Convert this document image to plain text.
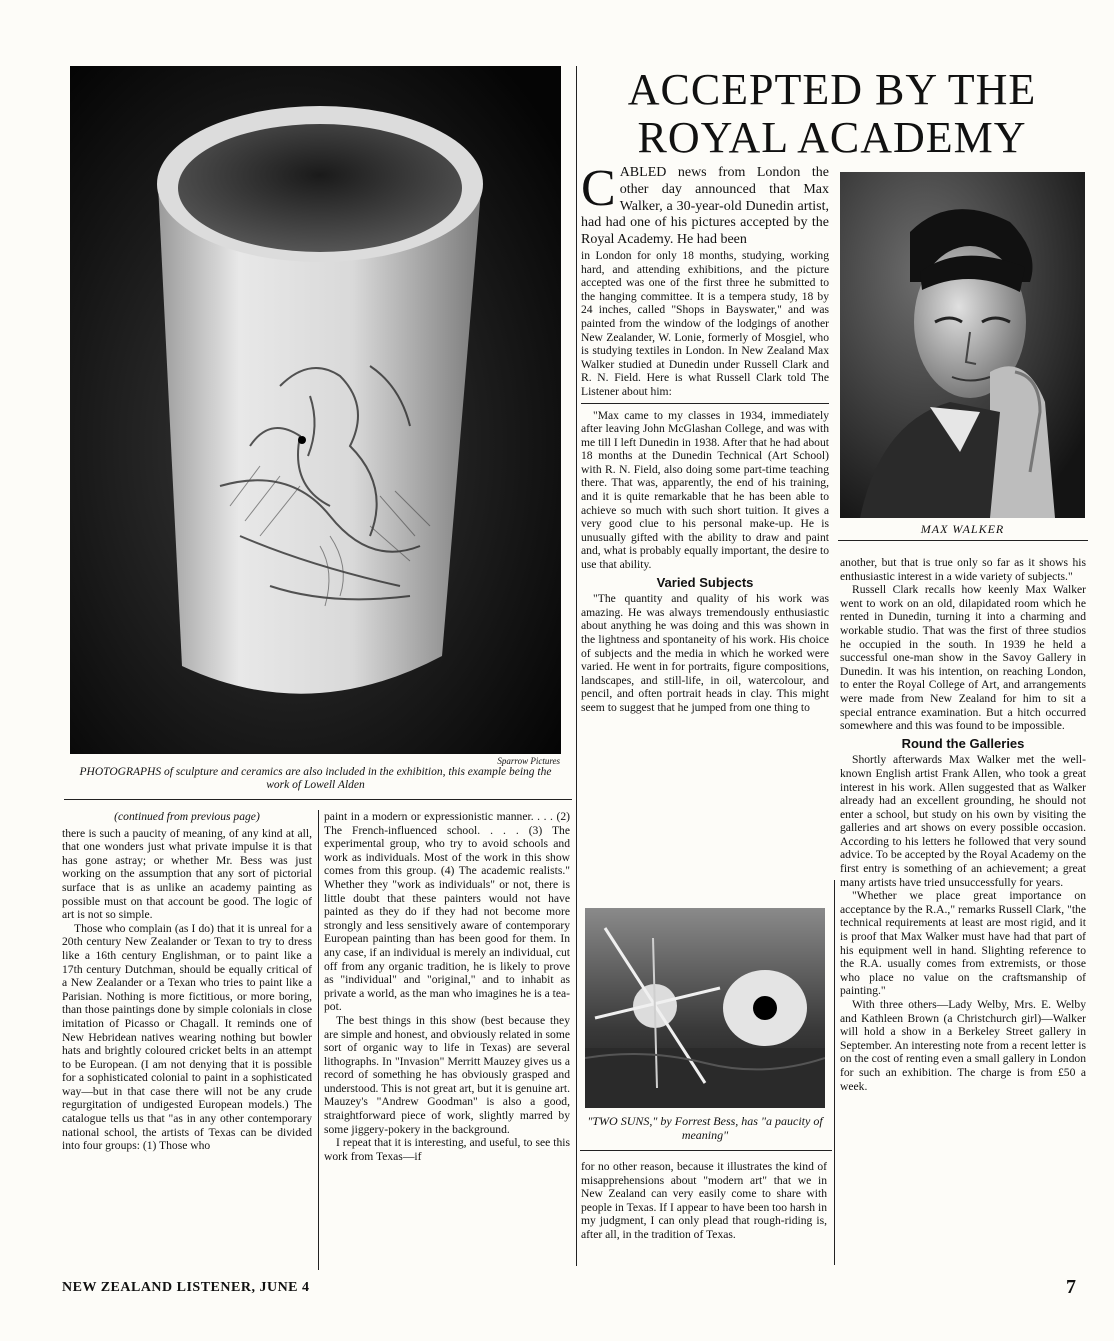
Sparrow Pictures
PHOTOGRAPHS of sculpture and ceramics are also included in the exhibition, this example being the work of Lowell Alden
ACCEPTED BY THE
ROYAL ACADEMY
C ABLED news from London the other day announced that Max Walker, a 30-year-old Dunedin artist, had had one of his pictures accepted by the Royal Academy. He had been

in London for only 18 months, studying, working hard, and attending exhibitions, and the picture accepted was one of the first three he submitted to the hanging committee. It is a tempera study, 18 by 24 inches, called "Shops in Bayswater," and was painted from the window of the lodgings of another New Zealander, W. Lonie, formerly of Mosgiel, who is studying textiles in London. In New Zealand Max Walker studied at Dunedin under Russell Clark and R. N. Field. Here is what Russell Clark told The Listener about him:

"Max came to my classes in 1934, immediately after leaving John McGlashan College, and was with me till I left Dunedin in 1938. After that he had about 18 months at the Dunedin Technical (Art School) with R. N. Field, also doing some part-time teaching there. That was, apparently, the end of his training, and it is quite remarkable that he has been able to achieve so much with such short tuition. It gives a very good clue to his personal make-up. He is unusually gifted with the ability to draw and paint and, what is probably equally important, the desire to use that ability.

Varied Subjects

"The quantity and quality of his work was amazing. He was always tremendously enthusiastic about anything he was doing and this was shown in the lightness and spontaneity of his work. His choice of subjects and the media in which he worked were varied. He went in for portraits, figure compositions, landscapes, and still-life, in oil, watercolour, and pencil, and often portrait heads in clay. This might seem to suggest that he jumped from one thing to

MAX WALKER

another, but that is true only so far as it shows his enthusiastic interest in a wide variety of subjects."

Russell Clark recalls how keenly Max Walker went to work on an old, dilapidated room which he rented in Dunedin, turning it into a charming and workable studio. That was the first of three studios he occupied in the south. In 1939 he held a successful one-man show in the Savoy Gallery in Dunedin. It was his intention, on reaching London, to enter the Royal College of Art, and arrangements were made from New Zealand for him to sit a special entrance examination. But a hitch occurred somewhere and this was found to be impossible.

Round the Galleries

Shortly afterwards Max Walker met the well-known English artist Frank Allen, who took a great interest in his work. Allen suggested that as Walker already had an excellent grounding, he should not enter a school, but study on his own by visiting the galleries and art shows on every possible occasion. According to his letters he followed that very sound advice. To be accepted by the Royal Academy on the first entry is something of an achievement; a great many artists have tried unsuccessfully for years.

"Whether we place great importance on acceptance by the R.A.," remarks Russell Clark, "the technical requirements at least are most rigid, and it is proof that Max Walker must have had that part of his equipment well in hand. Slighting reference to the R.A. usually comes from extremists, or those who place no value on the craftsmanship of painting."

With three others—Lady Welby, Mrs. E. Welby and Kathleen Brown (a Christchurch girl)—Walker will hold a show in a Berkeley Street gallery in September. An interesting note from a recent letter is on the cost of renting even a small gallery in London for such an exhibition. The charge is from £50 a week.

"TWO SUNS," by Forrest Bess, has "a paucity of meaning"
(continued from previous page)

there is such a paucity of meaning, of any kind at all, that one wonders just what private impulse it is that has gone astray; or whether Mr. Bess was just working on the assumption that any sort of pictorial surface that is as unlike an academy painting as possible must on that account be good. The logic of art is not so simple.

Those who complain (as I do) that it is unreal for a 20th century New Zealander or Texan to try to dress like a 16th century Englishman, or to paint like a 17th century Dutchman, should be equally critical of a New Zealander or a Texan who tries to paint like a Parisian. Nothing is more fictitious, or more boring, than those paintings done by simple colonials in close imitation of Picasso or Chagall. It reminds one of New Hebridean natives wearing nothing but bowler hats and brightly coloured cricket belts in an attempt to be European. (I am not denying that it is possible for a sophisticated colonial to paint in a sophisticated way—but in that case there will not be any crude regurgitation of undigested European models.) The catalogue tells us that "as in any other contemporary national school, the artists of Texas can be divided into four groups: (1) Those who

paint in a modern or expressionistic manner. . . . (2) The French-influenced school. . . . (3) The experimental group, who try to avoid schools and work as individuals. Most of the work in this show comes from this group. (4) The academic realists." Whether they "work as individuals" or not, there is little doubt that these painters would not have painted as they do if they had not become more strongly and less sensitively aware of contemporary European painting than has been good for them. In any case, if an individual is merely an individual, cut off from any organic tradition, he is likely to prove as "individual" and "original," and to inhabit as private a world, as the man who imagines he is a tea-pot.

The best things in this show (best because they are simple and honest, and obviously related in some sort of organic way to life in Texas) are several lithographs. In "Invasion" Merritt Mauzey gives us a record of something he has obviously grasped and understood. This is not great art, but it is genuine art. Mauzey's "Andrew Goodman" is also a good, straightforward piece of work, slightly marred by some jiggery-pokery in the background.

I repeat that it is interesting, and useful, to see this work from Texas—if

for no other reason, because it illustrates the kind of misapprehensions about "modern art" that we in New Zealand can very easily come to share with people in Texas. If I appear to have been too harsh in my judgment, I can only plead that rough-riding is, after all, in the tradition of Texas.

NEW ZEALAND LISTENER, JUNE 4	7
